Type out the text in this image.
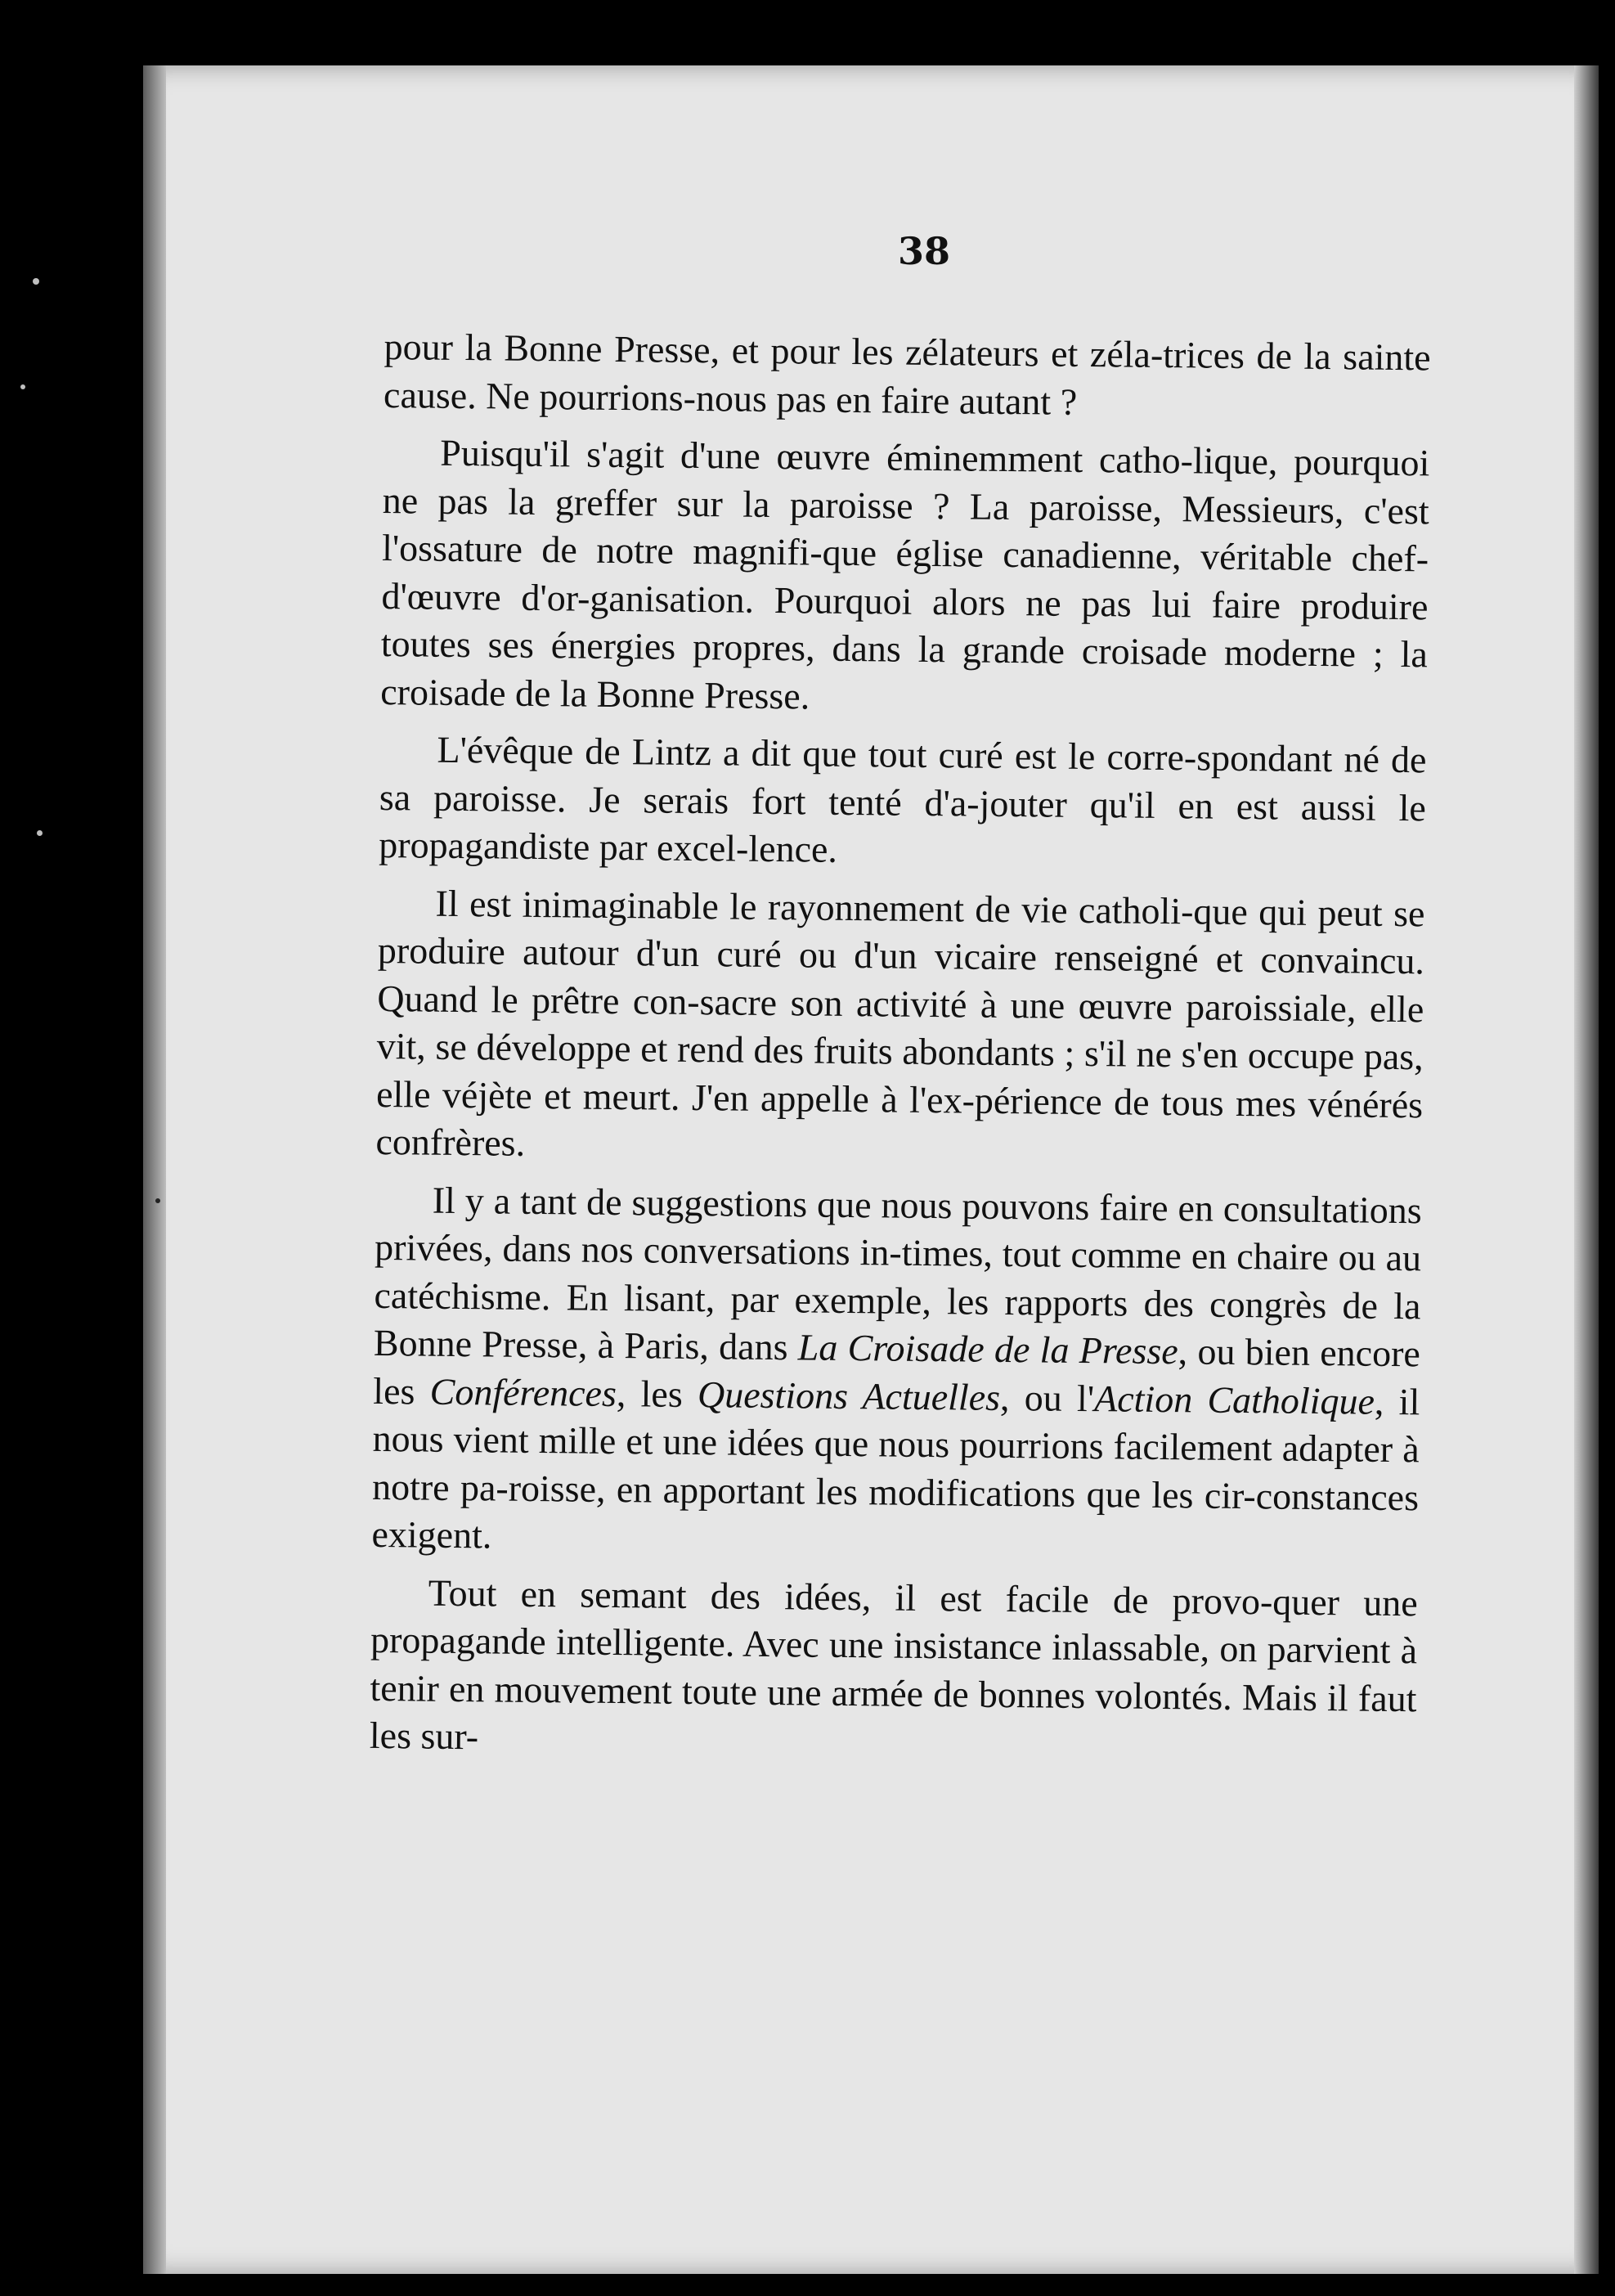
38

pour la Bonne Presse, et pour les zélateurs et zéla-trices de la sainte cause. Ne pourrions-nous pas en faire autant ?

Puisqu'il s'agit d'une œuvre éminemment catho-lique, pourquoi ne pas la greffer sur la paroisse ? La paroisse, Messieurs, c'est l'ossature de notre magnifi-que église canadienne, véritable chef-d'œuvre d'or-ganisation. Pourquoi alors ne pas lui faire produire toutes ses énergies propres, dans la grande croisade moderne ; la croisade de la Bonne Presse.

L'évêque de Lintz a dit que tout curé est le corre-spondant né de sa paroisse. Je serais fort tenté d'a-jouter qu'il en est aussi le propagandiste par excel-lence.

Il est inimaginable le rayonnement de vie catholi-que qui peut se produire autour d'un curé ou d'un vicaire renseigné et convaincu. Quand le prêtre con-sacre son activité à une œuvre paroissiale, elle vit, se développe et rend des fruits abondants ; s'il ne s'en occupe pas, elle véjète et meurt. J'en appelle à l'ex-périence de tous mes vénérés confrères.

Il y a tant de suggestions que nous pouvons faire en consultations privées, dans nos conversations in-times, tout comme en chaire ou au catéchisme. En lisant, par exemple, les rapports des congrès de la Bonne Presse, à Paris, dans La Croisade de la Presse, ou bien encore les Conférences, les Questions Actuelles, ou l'Action Catholique, il nous vient mille et une idées que nous pourrions facilement adapter à notre pa-roisse, en apportant les modifications que les cir-constances exigent.

Tout en semant des idées, il est facile de provo-quer une propagande intelligente. Avec une insistance inlassable, on parvient à tenir en mouvement toute une armée de bonnes volontés. Mais il faut les sur-
